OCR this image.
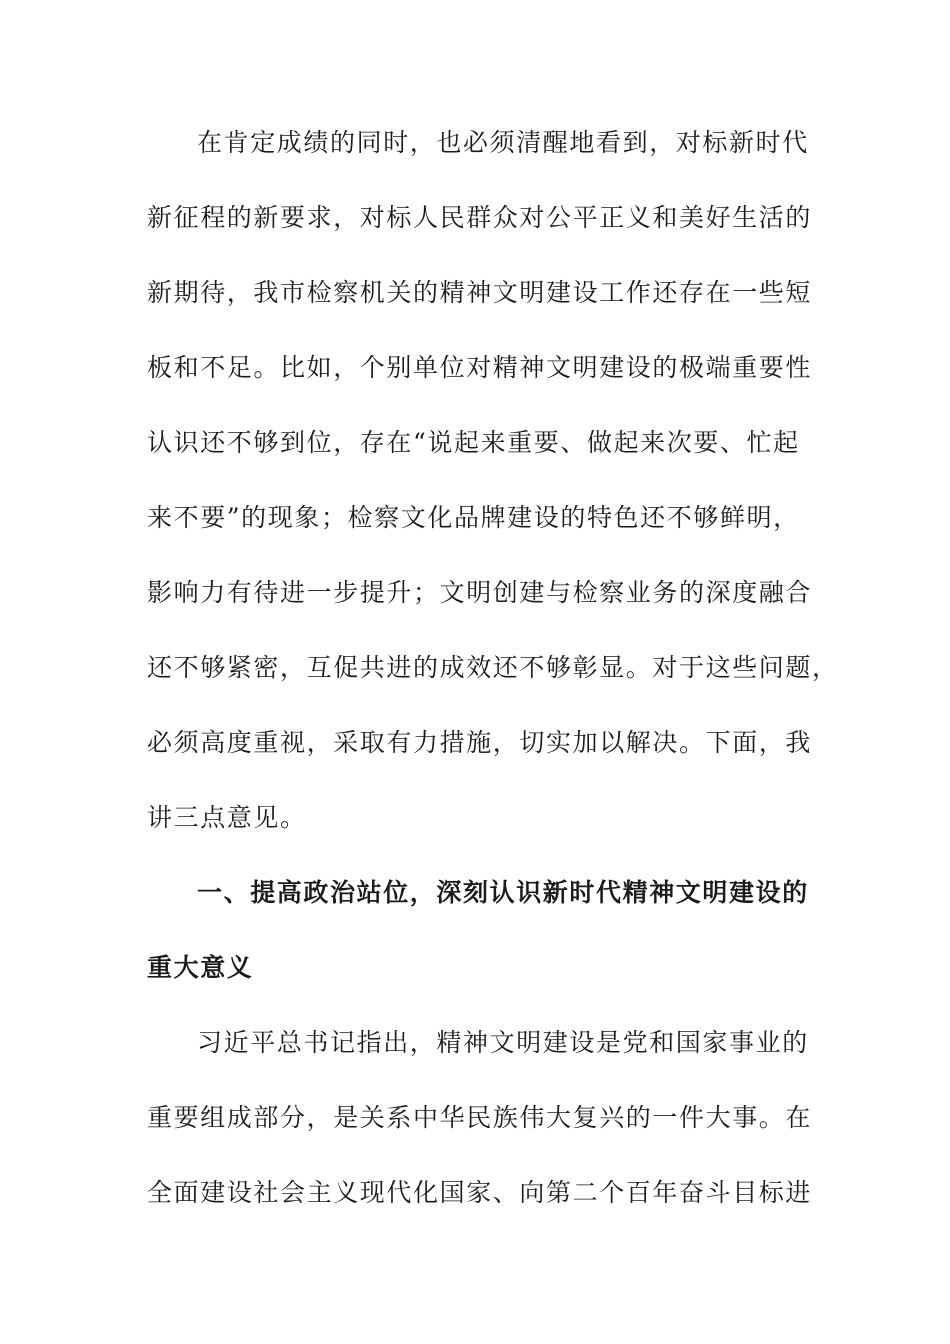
在肯定成绩的同时，也必须清醒地看到，对标新时代
新征程的新要求，对标人民群众对公平正义和美好生活的
新期待，我市检察机关的精神文明建设工作还存在一些短
板和不足。比如，个别单位对精神文明建设的极端重要性
认识还不够到位，存在“说起来重要、做起来次要、忙起
来不要”的现象；检察文化品牌建设的特色还不够鲜明，
影响力有待进一步提升；文明创建与检察业务的深度融合
还不够紧密，互促共进的成效还不够彰显。对于这些问题，
必须高度重视，采取有力措施，切实加以解决。下面，我
讲三点意见。
一、提高政治站位，深刻认识新时代精神文明建设的
重大意义
习近平总书记指出，精神文明建设是党和国家事业的
重要组成部分，是关系中华民族伟大复兴的一件大事。在
全面建设社会主义现代化国家、向第二个百年奋斗目标进
